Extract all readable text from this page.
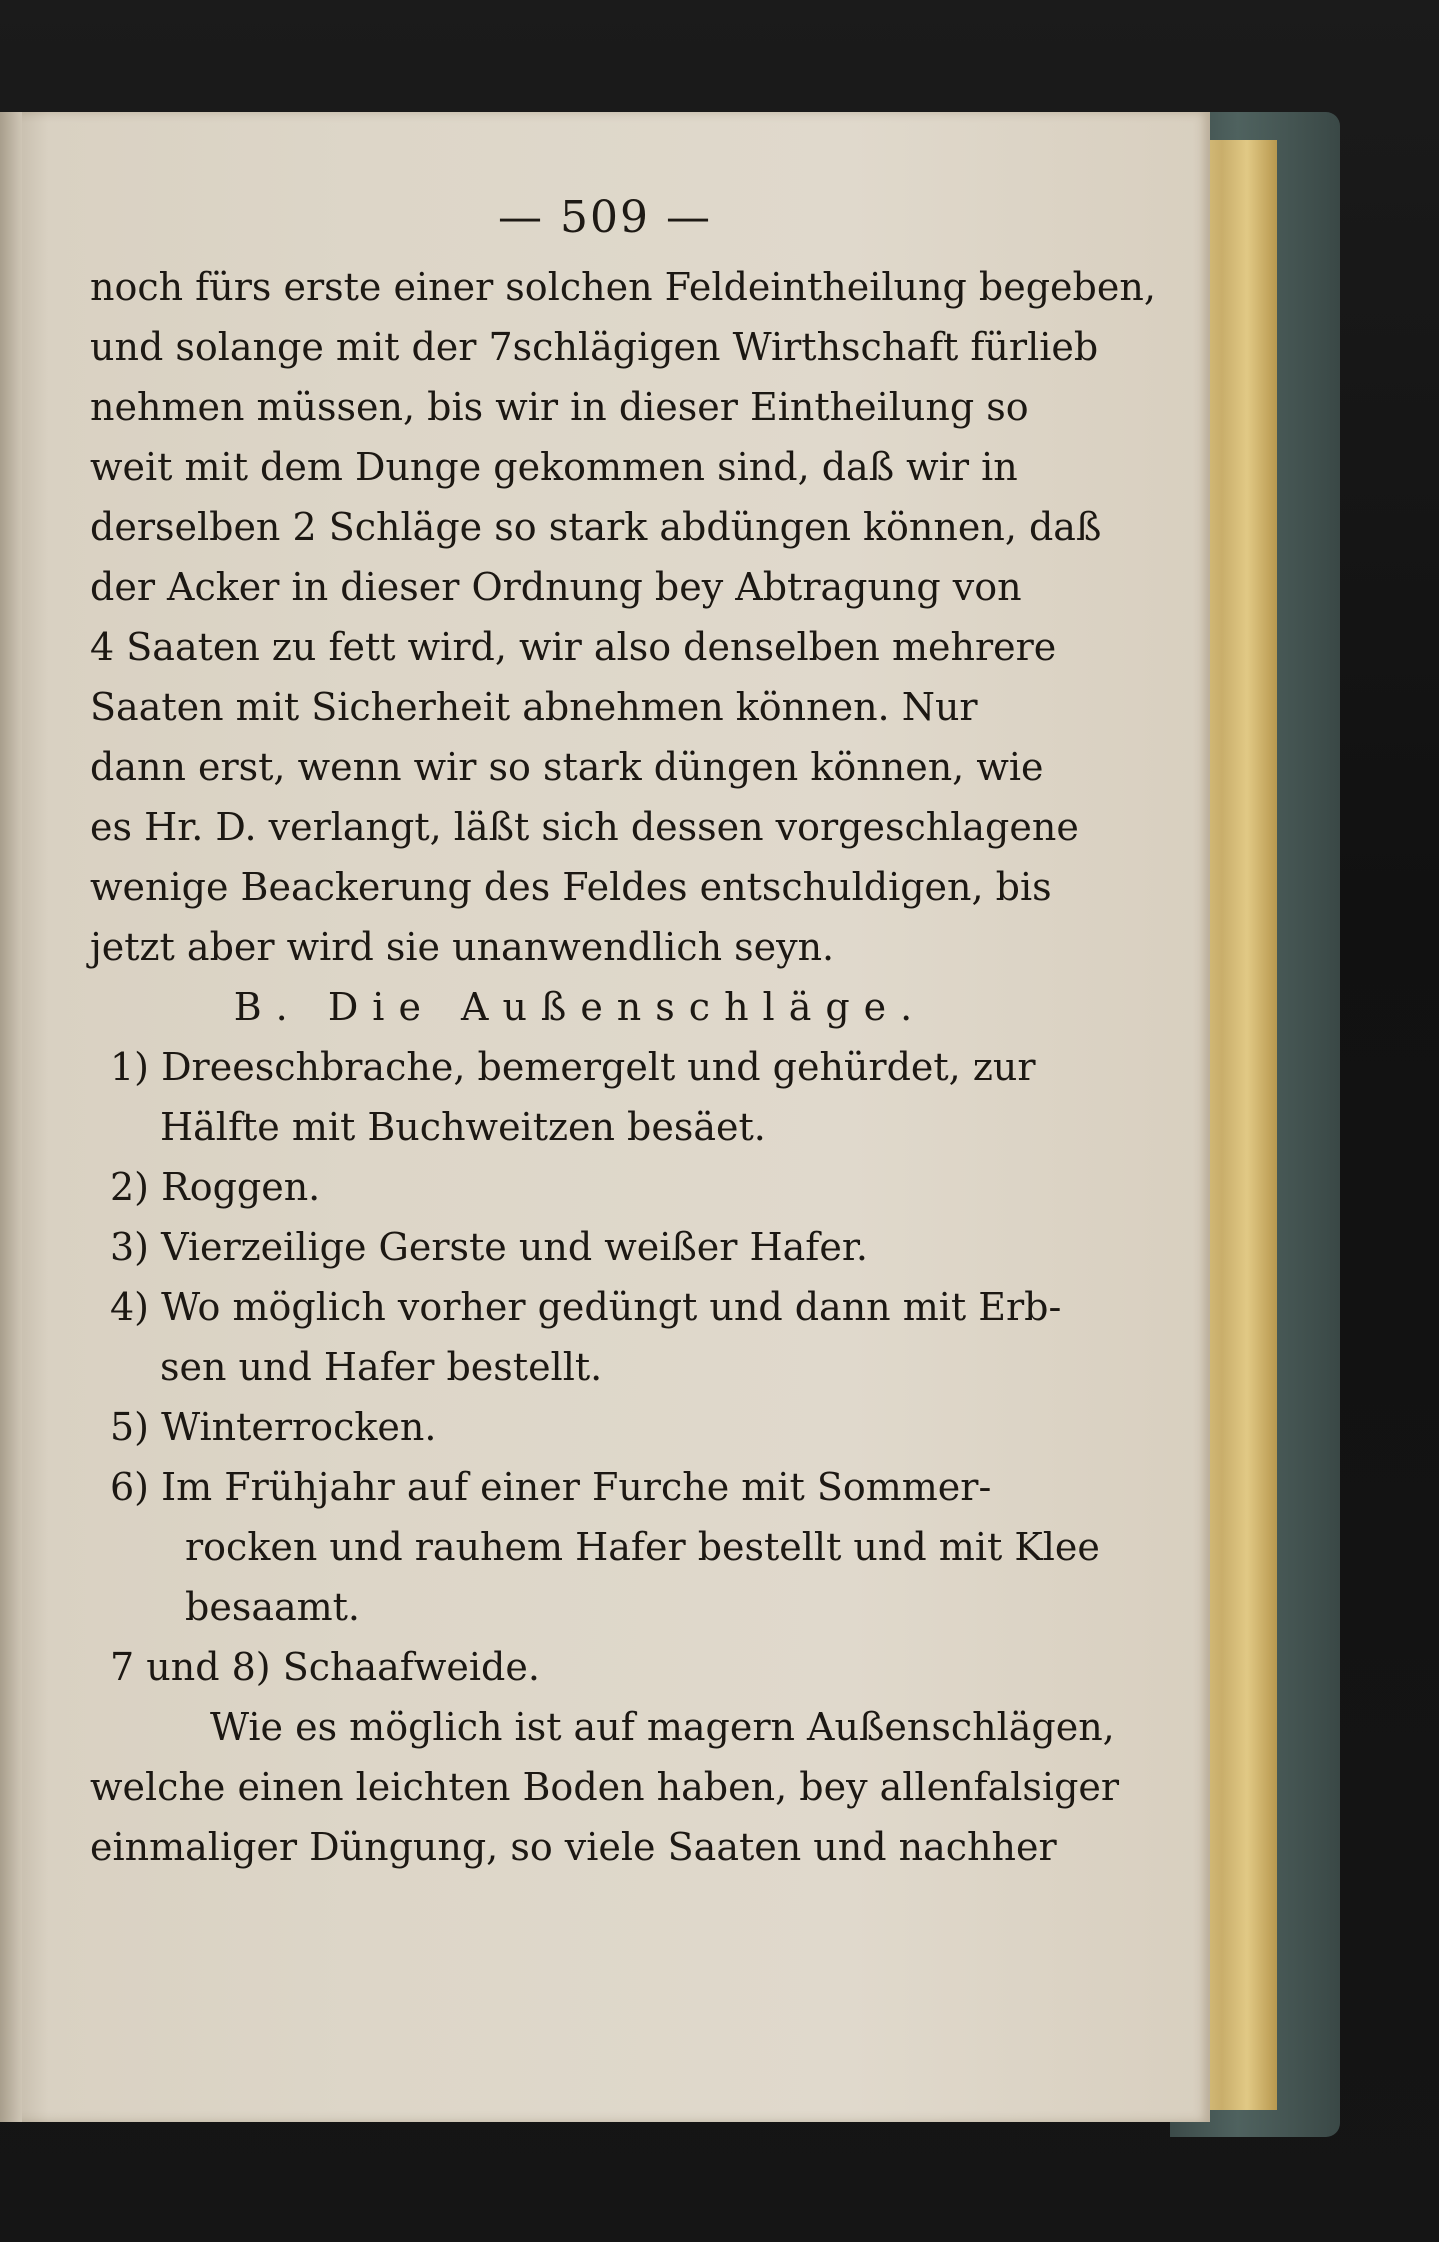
— 509 —
noch fürs erste einer solchen Feldeintheilung begeben,
und solange mit der 7schlägigen Wirthschaft fürlieb
nehmen müssen, bis wir in dieser Eintheilung so
weit mit dem Dunge gekommen sind, daß wir in
derselben 2 Schläge so stark abdüngen können, daß
der Acker in dieser Ordnung bey Abtragung von
4 Saaten zu fett wird, wir also denselben mehrere
Saaten mit Sicherheit abnehmen können. Nur
dann erst, wenn wir so stark düngen können, wie
es Hr. D. verlangt, läßt sich dessen vorgeschlagene
wenige Beackerung des Feldes entschuldigen, bis
jetzt aber wird sie unanwendlich seyn.
B. Die Außenschläge.
1) Dreeschbrache, bemergelt und gehürdet, zur
Hälfte mit Buchweitzen besäet.
2) Roggen.
3) Vierzeilige Gerste und weißer Hafer.
4) Wo möglich vorher gedüngt und dann mit Erb-
sen und Hafer bestellt.
5) Winterrocken.
6) Im Frühjahr auf einer Furche mit Sommer-
rocken und rauhem Hafer bestellt und mit Klee
besaamt.
7 und 8) Schaafweide.
Wie es möglich ist auf magern Außenschlägen,
welche einen leichten Boden haben, bey allenfalsiger
einmaliger Düngung, so viele Saaten und nachher
